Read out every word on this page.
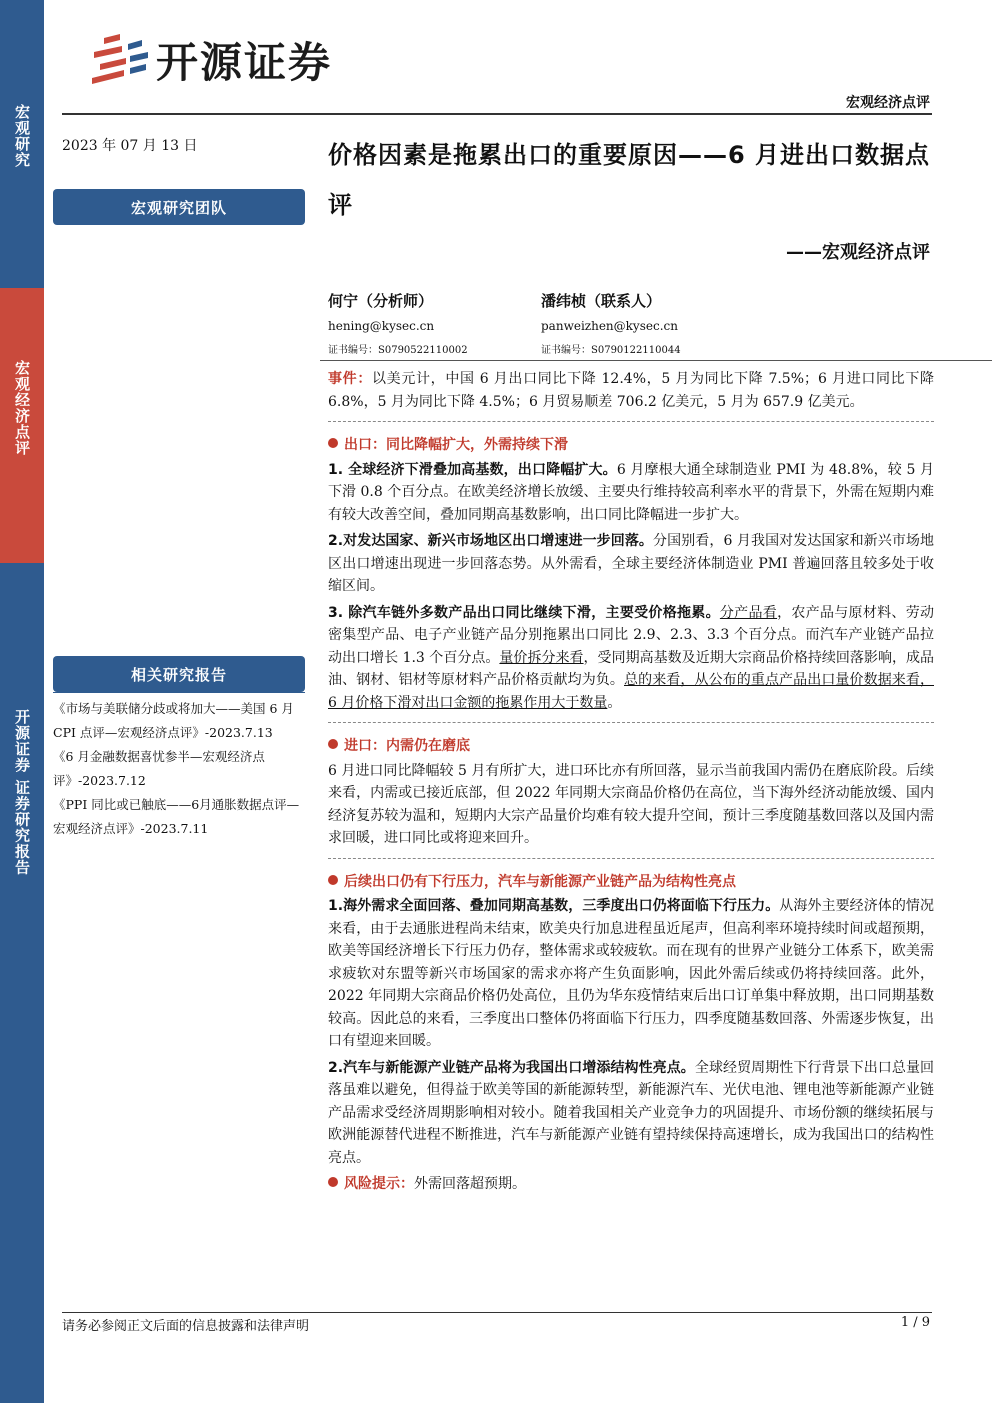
宏观研究
宏观经济点评
开源证券 证券研究报告
开源证券
宏观经济点评
2023 年 07 月 13 日	价格因素是拖累出口的重要原因——6 月进出口数据点评
——宏观经济点评
宏观研究团队
何宁（分析师）
hening@kysec.cn
证书编号：S0790522110002
潘纬桢（联系人）
panweizhen@kysec.cn
证书编号：S0790122110044
相关研究报告

《市场与美联储分歧或将加大——美国 6 月 CPI 点评—宏观经济点评》-2023.7.13

《6 月金融数据喜忧参半—宏观经济点评》-2023.7.12

《PPI 同比或已触底——6月通胀数据点评—宏观经济点评》-2023.7.11

事件：以美元计，中国 6 月出口同比下降 12.4%，5 月为同比下降 7.5%；6 月进口同比下降 6.8%，5 月为同比下降 4.5%；6 月贸易顺差 706.2 亿美元，5 月为 657.9 亿美元。

出口：同比降幅扩大，外需持续下滑

1. 全球经济下滑叠加高基数，出口降幅扩大。6 月摩根大通全球制造业 PMI 为 48.8%，较 5 月下滑 0.8 个百分点。在欧美经济增长放缓、主要央行维持较高利率水平的背景下，外需在短期内难有较大改善空间，叠加同期高基数影响，出口同比降幅进一步扩大。

2.对发达国家、新兴市场地区出口增速进一步回落。分国别看，6 月我国对发达国家和新兴市场地区出口增速出现进一步回落态势。从外需看，全球主要经济体制造业 PMI 普遍回落且较多处于收缩区间。

3. 除汽车链外多数产品出口同比继续下滑，主要受价格拖累。分产品看，农产品与原材料、劳动密集型产品、电子产业链产品分别拖累出口同比 2.9、2.3、3.3 个百分点。而汽车产业链产品拉动出口增长 1.3 个百分点。量价拆分来看，受同期高基数及近期大宗商品价格持续回落影响，成品油、钢材、铝材等原材料产品价格贡献均为负。总的来看，从公布的重点产品出口量价数据来看，6 月价格下滑对出口金额的拖累作用大于数量。

进口：内需仍在磨底

6 月进口同比降幅较 5 月有所扩大，进口环比亦有所回落，显示当前我国内需仍在磨底阶段。后续来看，内需或已接近底部，但 2022 年同期大宗商品价格仍在高位，当下海外经济动能放缓、国内经济复苏较为温和，短期内大宗产品量价均难有较大提升空间，预计三季度随基数回落以及国内需求回暖，进口同比或将迎来回升。

后续出口仍有下行压力，汽车与新能源产业链产品为结构性亮点

1.海外需求全面回落、叠加同期高基数，三季度出口仍将面临下行压力。从海外主要经济体的情况来看，由于去通胀进程尚未结束，欧美央行加息进程虽近尾声，但高利率环境持续时间或超预期，欧美等国经济增长下行压力仍存，整体需求或较疲软。而在现有的世界产业链分工体系下，欧美需求疲软对东盟等新兴市场国家的需求亦将产生负面影响，因此外需后续或仍将持续回落。此外，2022 年同期大宗商品价格仍处高位，且仍为华东疫情结束后出口订单集中释放期，出口同期基数较高。因此总的来看，三季度出口整体仍将面临下行压力，四季度随基数回落、外需逐步恢复，出口有望迎来回暖。

2.汽车与新能源产业链产品将为我国出口增添结构性亮点。全球经贸周期性下行背景下出口总量回落虽难以避免，但得益于欧美等国的新能源转型，新能源汽车、光伏电池、锂电池等新能源产业链产品需求受经济周期影响相对较小。随着我国相关产业竞争力的巩固提升、市场份额的继续拓展与欧洲能源替代进程不断推进，汽车与新能源产业链有望持续保持高速增长，成为我国出口的结构性亮点。

风险提示：外需回落超预期。

请务必参阅正文后面的信息披露和法律声明	1 / 9
